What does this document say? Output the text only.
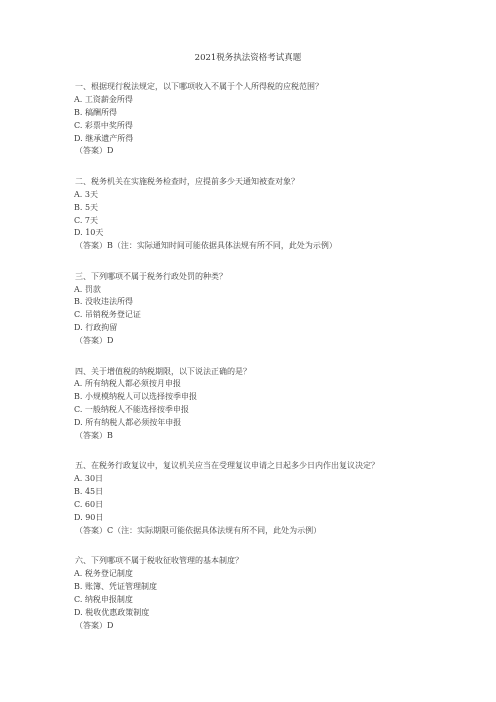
2021税务执法资格考试真题
一、根据现行税法规定，以下哪项收入不属于个人所得税的应税范围？
A. 工资薪金所得
B. 稿酬所得
C. 彩票中奖所得
D. 继承遗产所得
（答案）D
二、税务机关在实施税务检查时，应提前多少天通知被查对象？
A. 3天
B. 5天
C. 7天
D. 10天
（答案）B（注：实际通知时间可能依据具体法规有所不同，此处为示例）
三、下列哪项不属于税务行政处罚的种类？
A. 罚款
B. 没收违法所得
C. 吊销税务登记证
D. 行政拘留
（答案）D
四、关于增值税的纳税期限，以下说法正确的是？
A. 所有纳税人都必须按月申报
B. 小规模纳税人可以选择按季申报
C. 一般纳税人不能选择按季申报
D. 所有纳税人都必须按年申报
（答案）B
五、在税务行政复议中，复议机关应当在受理复议申请之日起多少日内作出复议决定？
A. 30日
B. 45日
C. 60日
D. 90日
（答案）C（注：实际期限可能依据具体法规有所不同，此处为示例）
六、下列哪项不属于税收征收管理的基本制度？
A. 税务登记制度
B. 账簿、凭证管理制度
C. 纳税申报制度
D. 税收优惠政策制度
（答案）D
